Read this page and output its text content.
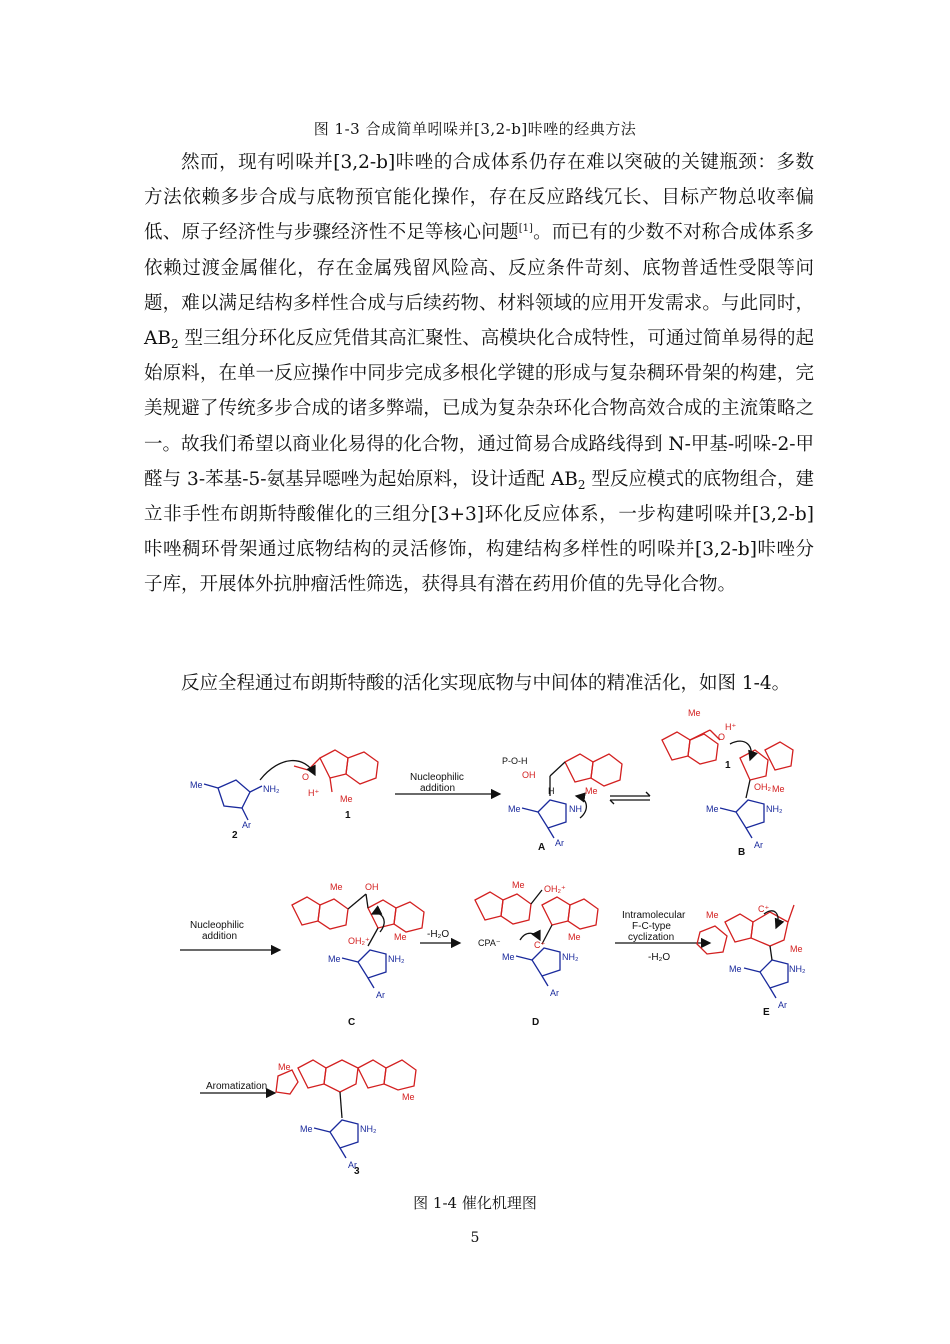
图 1-3 合成简单吲哚并[3,2-b]咔唑的经典方法

然而，现有吲哚并[3,2-b]咔唑的合成体系仍存在难以突破的关键瓶颈：多数方法依赖多步合成与底物预官能化操作，存在反应路线冗长、目标产物总收率偏低、原子经济性与步骤经济性不足等核心问题[1]。而已有的少数不对称合成体系多依赖过渡金属催化，存在金属残留风险高、反应条件苛刻、底物普适性受限等问题，难以满足结构多样性合成与后续药物、材料领域的应用开发需求。与此同时，$AB_2$ 型三组分环化反应凭借其高汇聚性、高模块化合成特性，可通过简单易得的起始原料，在单一反应操作中同步完成多根化学键的形成与复杂稠环骨架的构建，完美规避了传统多步合成的诸多弊端，已成为复杂杂环化合物高效合成的主流策略之一。故我们希望以商业化易得的化合物，通过简易合成路线得到 N-甲基-吲哚-2-甲醛与 3-苯基-5-氨基异噁唑为起始原料，设计适配 $AB_2$ 型反应模式的底物组合，建立非手性布朗斯特酸催化的三组分[3+3]环化反应体系，一步构建吲哚并[3,2-b]咔唑稠环骨架通过底物结构的灵活修饰，构建结构多样性的吲哚并[3,2-b]咔唑分子库，开展体外抗肿瘤活性筛选，获得具有潜在药用价值的先导化合物。

反应全程通过布朗斯特酸的活化实现底物与中间体的精准活化，如图 1-4。

Nucleophilic
addition
Nucleophilic
addition	-H₂O
Intramolecular
F-C-type
cyclization
-H₂O
Aromatization
2
1
A
1
B
C	D
E
3
Me	NH₂
Ar
Me	NH
Ar
Me	NH₂
Ar
Me	NH₂
Ar
Me	NH₂
Ar
Me	NH₂
Ar
Me	NH₂
Ar
O
H⁺
Me
OH
Me
Me
O
H⁺
OH₂ Me
Me OH
OH₂⁺	Me
Me OH₂⁺
C⁺
Me
Me
C⁺
Me
Me
Me
P-O-H
H
CPA⁻
图 1-4 催化机理图
5
